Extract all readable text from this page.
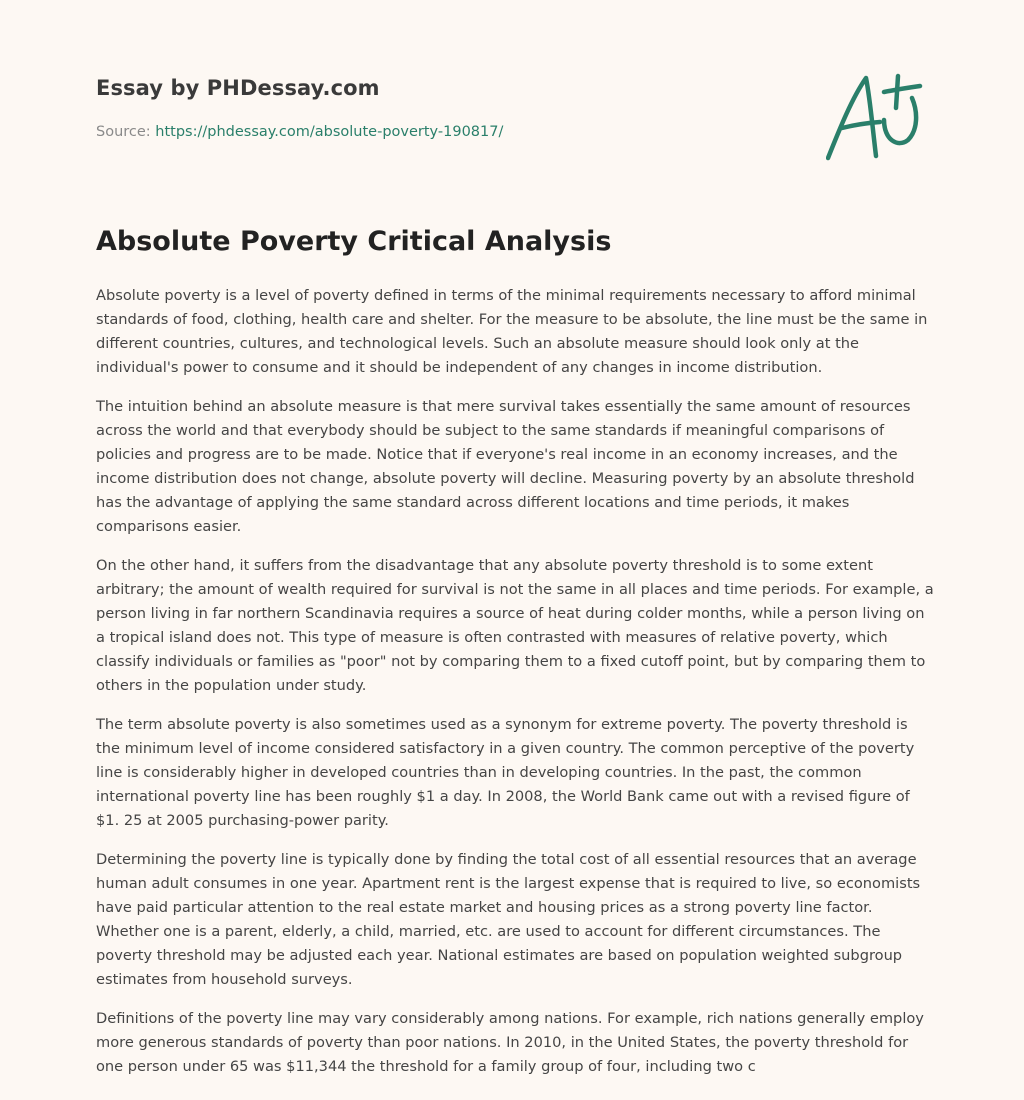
Essay by PHDessay.com
Source: https://phdessay.com/absolute-poverty-190817/
Absolute Poverty Critical Analysis

Absolute poverty is a level of poverty defined in terms of the minimal requirements necessary to afford minimal standards of food, clothing, health care and shelter. For the measure to be absolute, the line must be the same in different countries, cultures, and technological levels. Such an absolute measure should look only at the individual's power to consume and it should be independent of any changes in income distribution.

The intuition behind an absolute measure is that mere survival takes essentially the same amount of resources across the world and that everybody should be subject to the same standards if meaningful comparisons of policies and progress are to be made. Notice that if everyone's real income in an economy increases, and the income distribution does not change, absolute poverty will decline. Measuring poverty by an absolute threshold has the advantage of applying the same standard across different locations and time periods, it makes comparisons easier.

On the other hand, it suffers from the disadvantage that any absolute poverty threshold is to some extent arbitrary; the amount of wealth required for survival is not the same in all places and time periods. For example, a person living in far northern Scandinavia requires a source of heat during colder months, while a person living on a tropical island does not. This type of measure is often contrasted with measures of relative poverty, which classify individuals or families as "poor" not by comparing them to a fixed cutoff point, but by comparing them to others in the population under study.

The term absolute poverty is also sometimes used as a synonym for extreme poverty. The poverty threshold is the minimum level of income considered satisfactory in a given country. The common perceptive of the poverty line is considerably higher in developed countries than in developing countries. In the past, the common international poverty line has been roughly $1 a day. In 2008, the World Bank came out with a revised figure of $1. 25 at 2005 purchasing-power parity.

Determining the poverty line is typically done by finding the total cost of all essential resources that an average human adult consumes in one year. Apartment rent is the largest expense that is required to live, so economists have paid particular attention to the real estate market and housing prices as a strong poverty line factor. Whether one is a parent, elderly, a child, married, etc. are used to account for different circumstances. The poverty threshold may be adjusted each year. National estimates are based on population weighted subgroup estimates from household surveys.

Definitions of the poverty line may vary considerably among nations. For example, rich nations generally employ more generous standards of poverty than poor nations. In 2010, in the United States, the poverty threshold for one person under 65 was $11,344 the threshold for a family group of four, including two c
